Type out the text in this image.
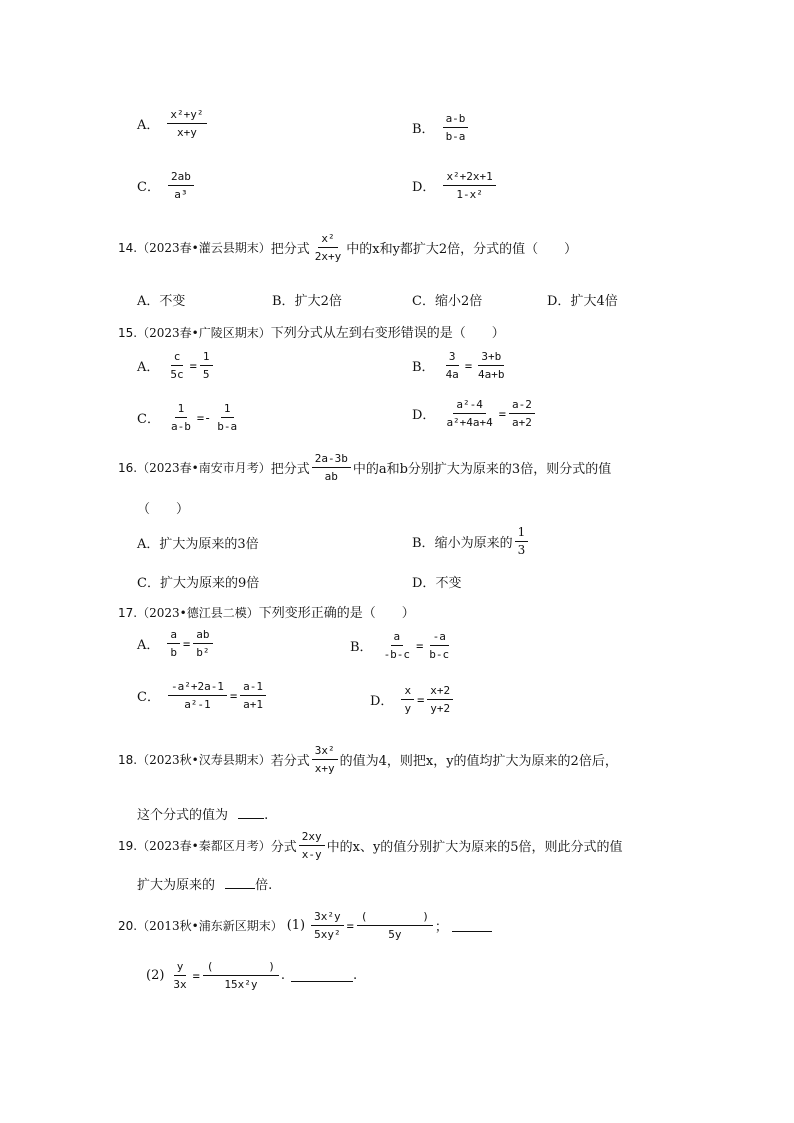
A． $\frac{\text{x²+y²}}{x+y}$	B． $\frac{a-b}{b-a}$
C． $\frac{2ab}{\text{a³}}$	D． $\frac{\text{x²+2x+1}}{\text{1-x²}}$
14. （2023春•灌云县期末） 把分式 $\frac{\text{x²}}{2x+y}$ 中的x和y都扩大2倍，分式的值（　　）
A．不变	B．扩大2倍	C．缩小2倍	D．扩大4倍
15.（2023春•广陵区期末）下列分式从左到右变形错误的是（　　）
A． $\frac{c}{5c} = \frac{1}{5}$	B． $\frac{3}{4a} = \frac{3+b}{4a+b}$
C． $\frac{1}{a-b} =- \frac{1}{b-a}$	D． $\frac{\text{a²-4}}{\text{a²+4a+4}} = \frac{a-2}{a+2}$
16. （2023春•南安市月考） 把分式 $\frac{2a-3b}{ab}$ 中的a和b分别扩大为原来的3倍，则分式的值
（　　）
A．扩大为原来的3倍	B． 缩小为原来的 $\frac{1}{3}$
C．扩大为原来的9倍	D．不变
17.（2023•德江县二模）下列变形正确的是（　　）
A． $\frac{a}{b} = \frac{ab}{\text{b²}}$	B． $\frac{a}{-b-c} = \frac{-a}{b-c}$
C． $\frac{\text{-a²+2a-1}}{\text{a²-1}} = \frac{a-1}{a+1}$	D． $\frac{x}{y} = \frac{x+2}{y+2}$
18. （2023秋•汉寿县期末） 若分式 $\frac{\text{3x²}}{x+y}$ 的值为4，则把x，y的值均扩大为原来的2倍后，
这个分式的值为	.
19. （2023春•秦都区月考） 分式 $\frac{2xy}{x-y}$ 中的x、y的值分别扩大为原来的5倍，则此分式的值
扩大为原来的	倍.
20. （2013秋•浦东新区期末） $(1) \frac{\text{3x²y}}{\text{5xy²}} = \frac{( )}{5y}$ ；
$(2) \frac{y}{3x} = \frac{( )}{\text{15x²y}}$ .	.
